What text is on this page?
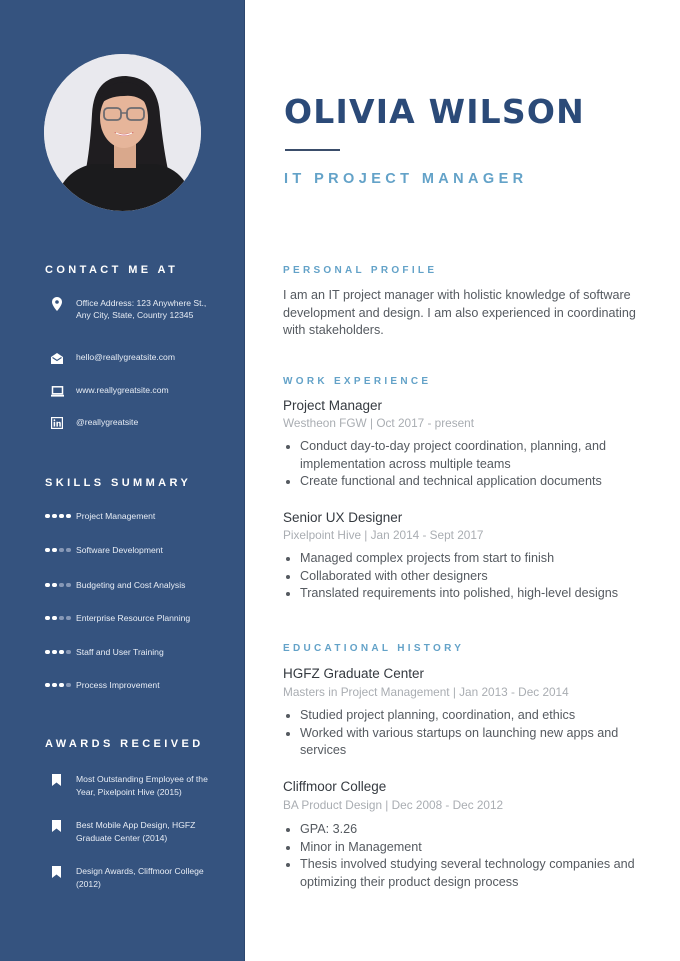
CONTACT ME AT
Office Address: 123 Anywhere St., Any City, State, Country 12345
hello@reallygreatsite.com
www.reallygreatsite.com
@reallygreatsite
SKILLS SUMMARY
Project Management
Software Development
Budgeting and Cost Analysis
Enterprise Resource Planning
Staff and User Training
Process Improvement
AWARDS RECEIVED
Most Outstanding Employee of the Year, Pixelpoint Hive (2015)
Best Mobile App Design, HGFZ Graduate Center (2014)
Design Awards, Cliffmoor College (2012)
OLIVIA WILSON
IT PROJECT MANAGER
PERSONAL PROFILE

I am an IT project manager with holistic knowledge of software development and design. I am also experienced in coordinating with stakeholders.

WORK EXPERIENCE
Project Manager
Westheon FGW | Oct 2017 - present
Conduct day-to-day project coordination, planning, and implementation across multiple teams
Create functional and technical application documents
Senior UX Designer
Pixelpoint Hive | Jan 2014 - Sept 2017
Managed complex projects from start to finish
Collaborated with other designers
Translated requirements into polished, high-level designs
EDUCATIONAL HISTORY
HGFZ Graduate Center
Masters in Project Management | Jan 2013 - Dec 2014
Studied project planning, coordination, and ethics
Worked with various startups on launching new apps and services
Cliffmoor College
BA Product Design | Dec 2008 - Dec 2012
GPA: 3.26
Minor in Management
Thesis involved studying several technology companies and optimizing their product design process
